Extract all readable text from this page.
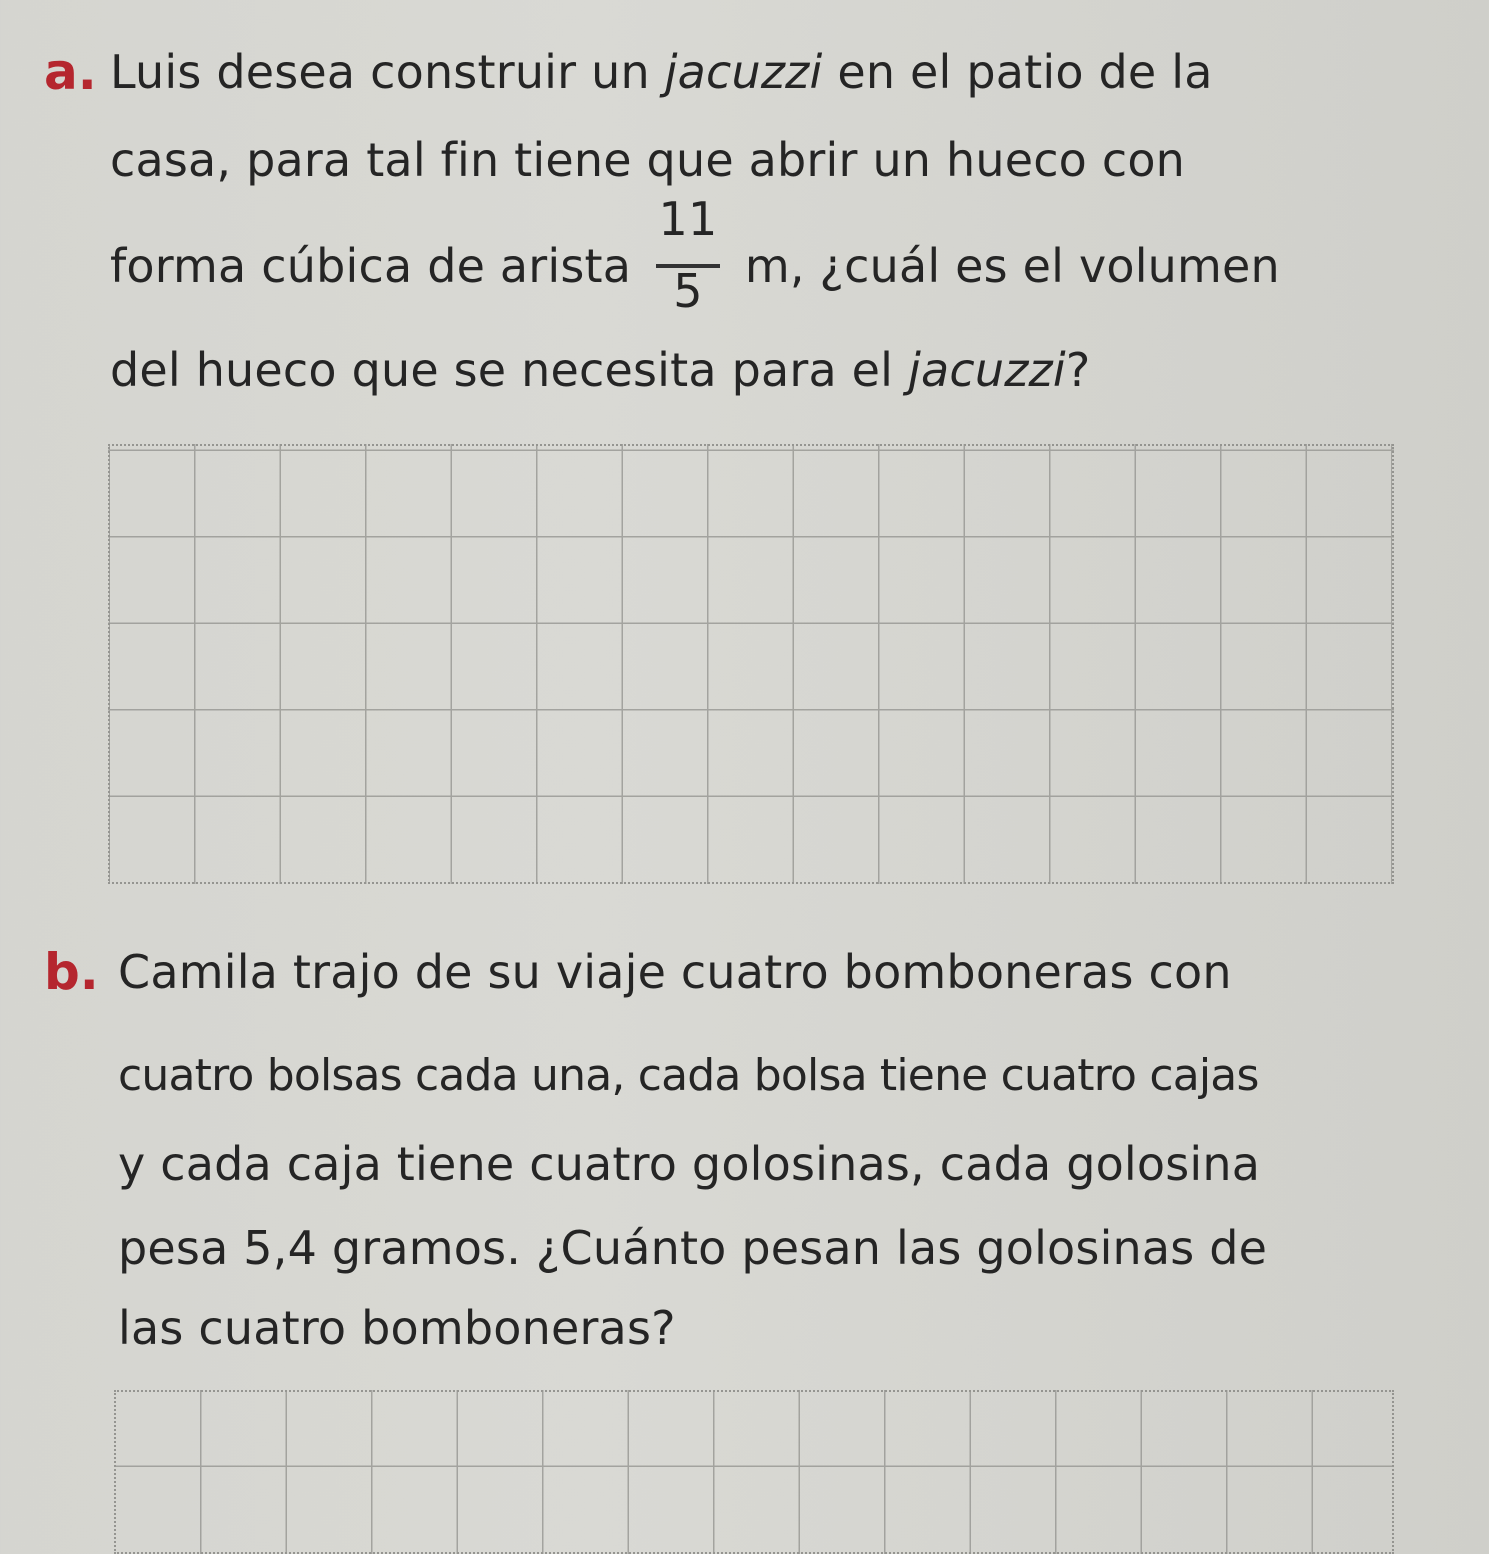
a. Luis desea construir un jacuzzi en el patio de la
casa, para tal fin tiene que abrir un hueco con
forma cúbica de arista $\frac{11}{5} m$, ¿cuál es el volumen
del hueco que se necesita para el jacuzzi?
b. Camila trajo de su viaje cuatro bomboneras con
cuatro bolsas cada una, cada bolsa tiene cuatro cajas
y cada caja tiene cuatro golosinas, cada golosina
pesa 5,4 gramos. ¿Cuánto pesan las golosinas de
las cuatro bomboneras?
